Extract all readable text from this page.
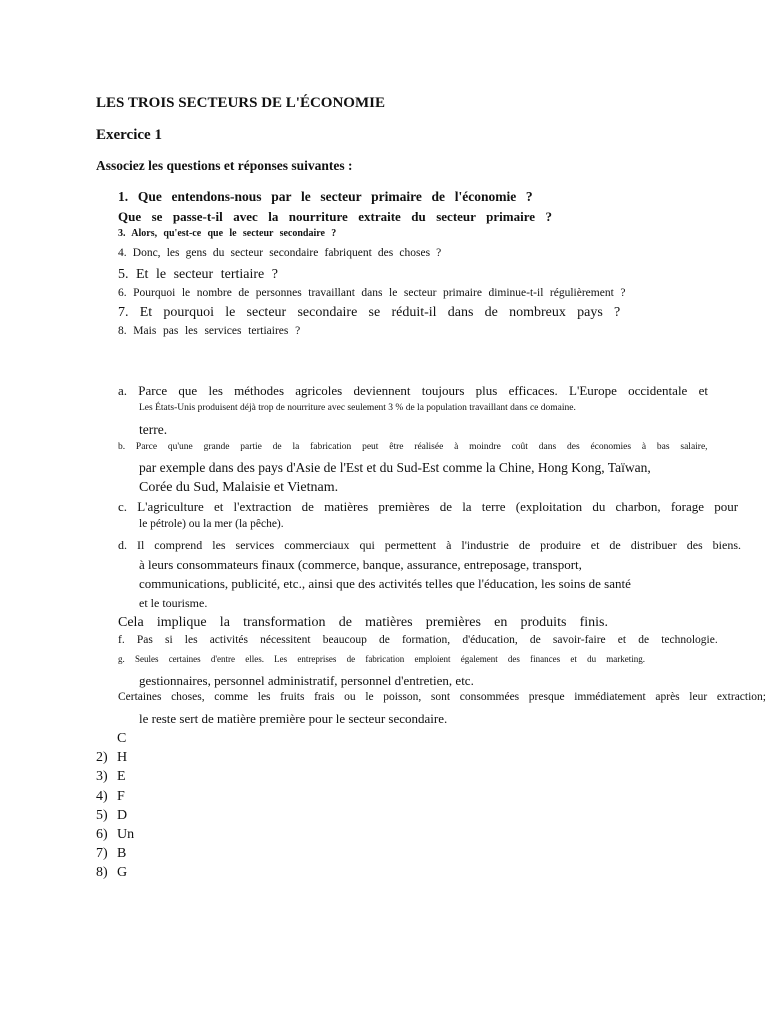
LES TROIS SECTEURS DE L'ÉCONOMIE
Exercice 1
Associez les questions et réponses suivantes :
1. Que entendons-nous par le secteur primaire de l'économie ?
Que se passe-t-il avec la nourriture extraite du secteur primaire ?
3. Alors, qu'est-ce que le secteur secondaire ?
4. Donc, les gens du secteur secondaire fabriquent des choses ?
5. Et le secteur tertiaire ?
6. Pourquoi le nombre de personnes travaillant dans le secteur primaire diminue-t-il régulièrement ?
7. Et pourquoi le secteur secondaire se réduit-il dans de nombreux pays ?
8. Mais pas les services tertiaires ?
a. Parce que les méthodes agricoles deviennent toujours plus efficaces. L'Europe occidentale et
Les États-Unis produisent déjà trop de nourriture avec seulement 3 % de la population travaillant dans ce domaine.
terre.
b. Parce qu'une grande partie de la fabrication peut être réalisée à moindre coût dans des économies à bas salaire,
par exemple dans des pays d'Asie de l'Est et du Sud-Est comme la Chine, Hong Kong, Taïwan,
Corée du Sud, Malaisie et Vietnam.
c. L'agriculture et l'extraction de matières premières de la terre (exploitation du charbon, forage pour
le pétrole) ou la mer (la pêche).
d. Il comprend les services commerciaux qui permettent à l'industrie de produire et de distribuer des biens.
à leurs consommateurs finaux (commerce, banque, assurance, entreposage, transport,
communications, publicité, etc., ainsi que des activités telles que l'éducation, les soins de santé
et le tourisme.
Cela implique la transformation de matières premières en produits finis.
f. Pas si les activités nécessitent beaucoup de formation, d'éducation, de savoir-faire et de technologie.
g. Seules certaines d'entre elles. Les entreprises de fabrication emploient également des finances et du marketing.
gestionnaires, personnel administratif, personnel d'entretien, etc.
Certaines choses, comme les fruits frais ou le poisson, sont consommées presque immédiatement après leur extraction;
le reste sert de matière première pour le secteur secondaire.
C
2) H
3) E
4) F
5) D
6) Un
7) B
8) G
